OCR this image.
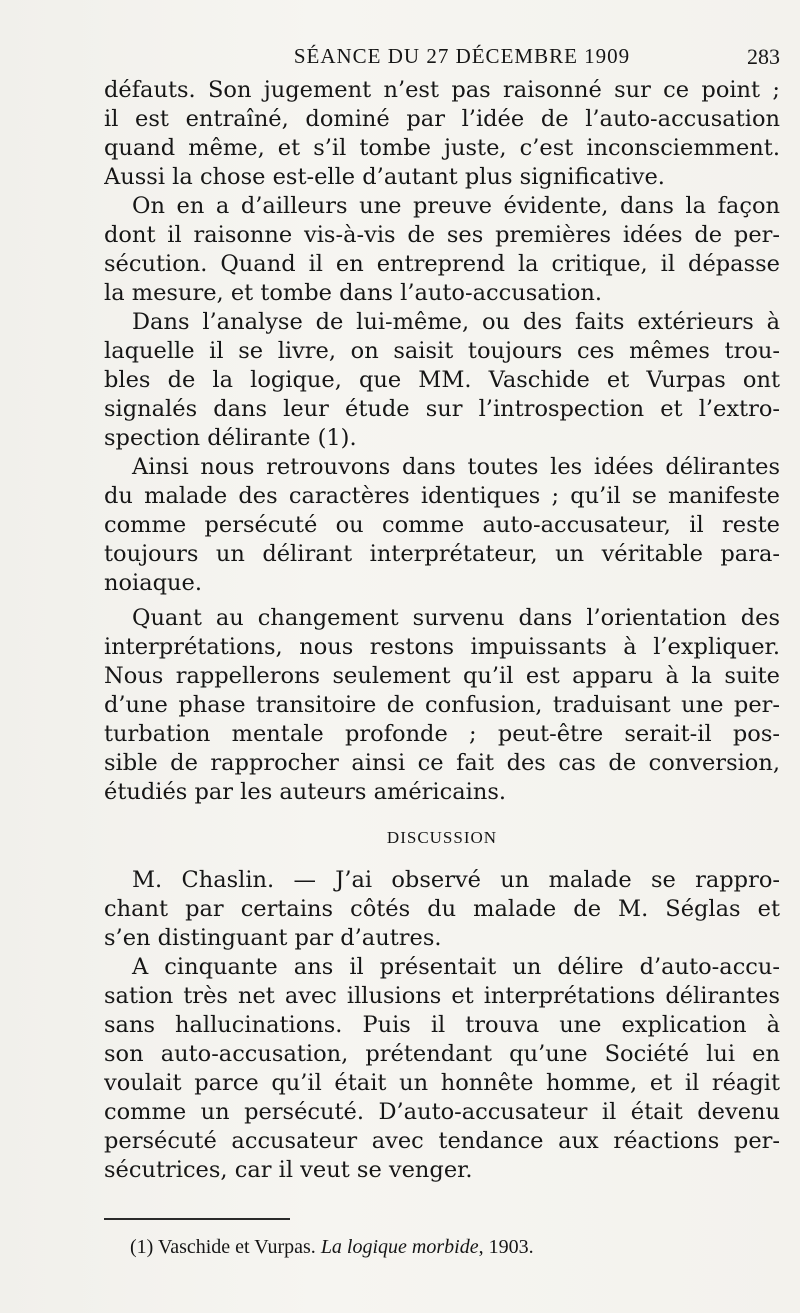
SÉANCE DU 27 DÉCEMBRE 1909	283
défauts. Son jugement n’est pas raisonné sur ce point ;
il est entraîné, dominé par l’idée de l’auto-accusation
quand même, et s’il tombe juste, c’est inconsciemment.
Aussi la chose est-elle d’autant plus significative.
On en a d’ailleurs une preuve évidente, dans la façon
dont il raisonne vis-à-vis de ses premières idées de per-
sécution. Quand il en entreprend la critique, il dépasse
la mesure, et tombe dans l’auto-accusation.
Dans l’analyse de lui-même, ou des faits extérieurs à
laquelle il se livre, on saisit toujours ces mêmes trou-
bles de la logique, que MM. Vaschide et Vurpas ont
signalés dans leur étude sur l’introspection et l’extro-
spection délirante (1).
Ainsi nous retrouvons dans toutes les idées délirantes
du malade des caractères identiques ; qu’il se manifeste
comme persécuté ou comme auto-accusateur, il reste
toujours un délirant interprétateur, un véritable para-
noiaque.
Quant au changement survenu dans l’orientation des
interprétations, nous restons impuissants à l’expliquer.
Nous rappellerons seulement qu’il est apparu à la suite
d’une phase transitoire de confusion, traduisant une per-
turbation mentale profonde ; peut-être serait-il pos-
sible de rapprocher ainsi ce fait des cas de conversion,
étudiés par les auteurs américains.
DISCUSSION
M. Chaslin. — J’ai observé un malade se rappro-
chant par certains côtés du malade de M. Séglas et
s’en distinguant par d’autres.
A cinquante ans il présentait un délire d’auto-accu-
sation très net avec illusions et interprétations délirantes
sans hallucinations. Puis il trouva une explication à
son auto-accusation, prétendant qu’une Société lui en
voulait parce qu’il était un honnête homme, et il réagit
comme un persécuté. D’auto-accusateur il était devenu
persécuté accusateur avec tendance aux réactions per-
sécutrices, car il veut se venger.
(1) Vaschide et Vurpas. La logique morbide, 1903.
